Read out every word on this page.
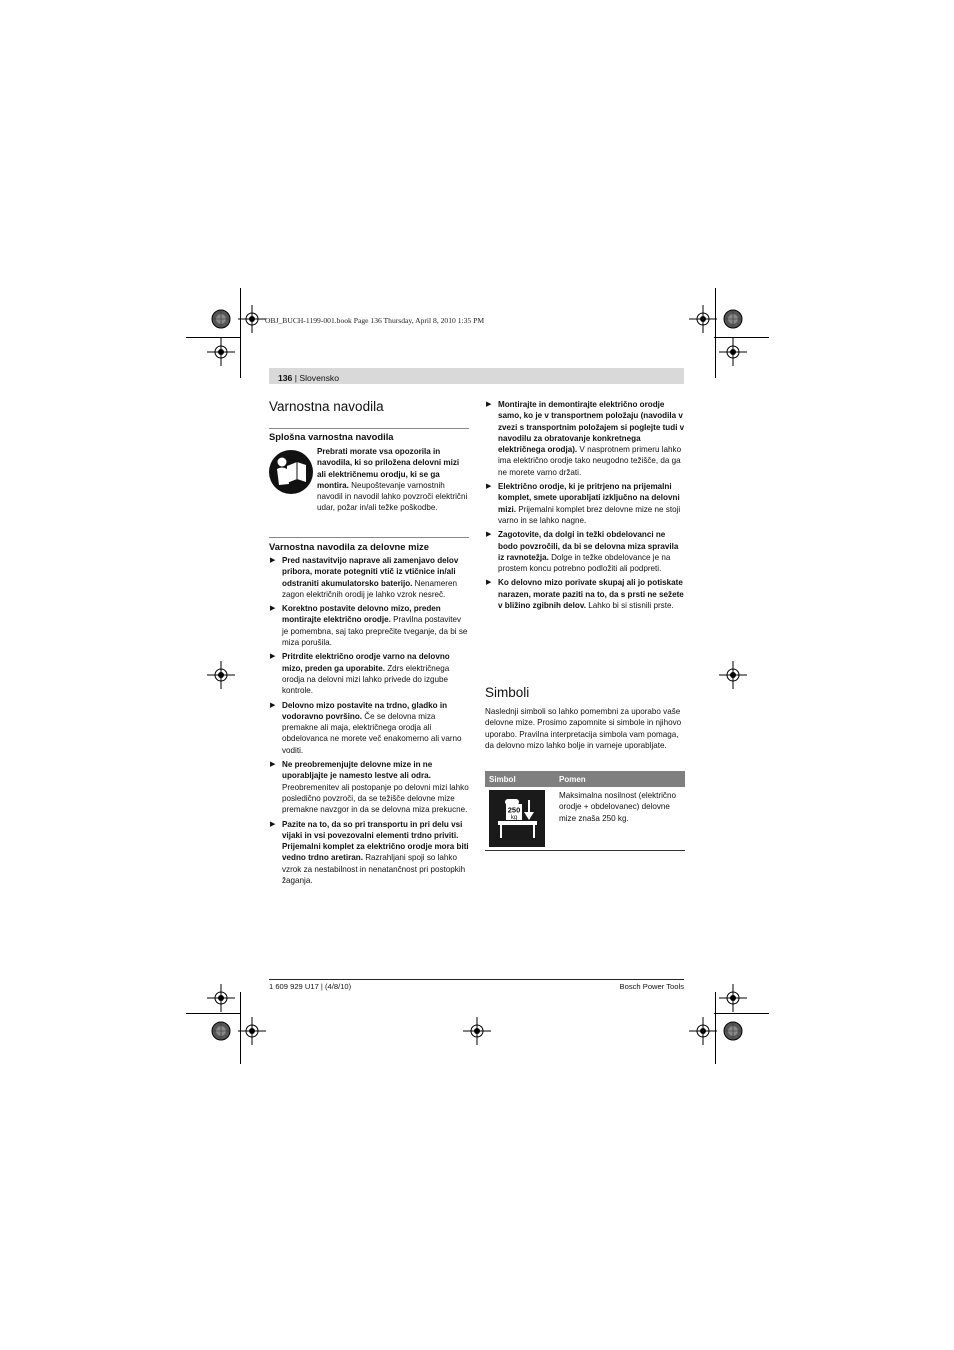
OBJ_BUCH-1199-001.book Page 136 Thursday, April 8, 2010 1:35 PM
136 | Slovensko
Varnostna navodila
Splošna varnostna navodila

Prebrati morate vsa opozorila in navodila, ki so priložena delovni mizi ali električnemu orodju, ki se ga montira. Neupoštevanje varnostnih navodil in navodil lahko povzroči električni udar, požar in/ali težke poškodbe.

Varnostna navodila za delovne mize
▶ Pred nastavitvijo naprave ali zamenjavo delov pribora, morate potegniti vtič iz vtičnice in/ali odstraniti akumulatorsko baterijo. Nenameren zagon električnih orodij je lahko vzrok nesreč.
▶ Korektno postavite delovno mizo, preden montirajte električno orodje. Pravilna postavitev je pomembna, saj tako preprečite tveganje, da bi se miza porušila.
▶ Pritrdite električno orodje varno na delovno mizo, preden ga uporabite. Zdrs električnega orodja na delovni mizi lahko privede do izgube kontrole.
▶ Delovno mizo postavite na trdno, gladko in vodoravno površino. Če se delovna miza premakne ali maja, električnega orodja ali obdelovanca ne morete več enakomerno ali varno voditi.
▶ Ne preobremenjujte delovne mize in ne uporabljajte je namesto lestve ali odra. Preobremenitev ali postopanje po delovni mizi lahko posledično povzroči, da se težišče delovne mize premakne navzgor in da se delovna miza prekucne.
▶ Pazite na to, da so pri transportu in pri delu vsi vijaki in vsi povezovalni elementi trdno priviti. Prijemalni komplet za električno orodje mora biti vedno trdno aretiran. Razrahljani spoji so lahko vzrok za nestabilnost in nenatančnost pri postopkih žaganja.
▶ Montirajte in demontirajte električno orodje samo, ko je v transportnem položaju (navodila v zvezi s transportnim položajem si poglejte tudi v navodilu za obratovanje konkretnega električnega orodja). V nasprotnem primeru lahko ima električno orodje tako neugodno težišče, da ga ne morete varno držati.
▶ Električno orodje, ki je pritrjeno na prijemalni komplet, smete uporabljati izključno na delovni mizi. Prijemalni komplet brez delovne mize ne stoji varno in se lahko nagne.
▶ Zagotovite, da dolgi in težki obdelovanci ne bodo povzročili, da bi se delovna miza spravila iz ravnotežja. Dolge in težke obdelovance je na prostem koncu potrebno podložiti ali podpreti.
▶ Ko delovno mizo porivate skupaj ali jo potiskate narazen, morate paziti na to, da s prsti ne sežete v bližino zgibnih delov. Lahko bi si stisnili prste.
Simboli

Naslednji simboli so lahko pomembni za uporabo vaše delovne mize. Prosimo zapomnite si simbole in njihovo uporabo. Pravilna interpretacija simbola vam pomaga, da delovno mizo lahko bolje in varneje uporabljate.

Simbol	Pomen

250
kg	Maksimalna nosilnost (električno orodje + obdelovanec) delovne mize znaša 250 kg.
1 609 929 U17 | (4/8/10)	Bosch Power Tools
